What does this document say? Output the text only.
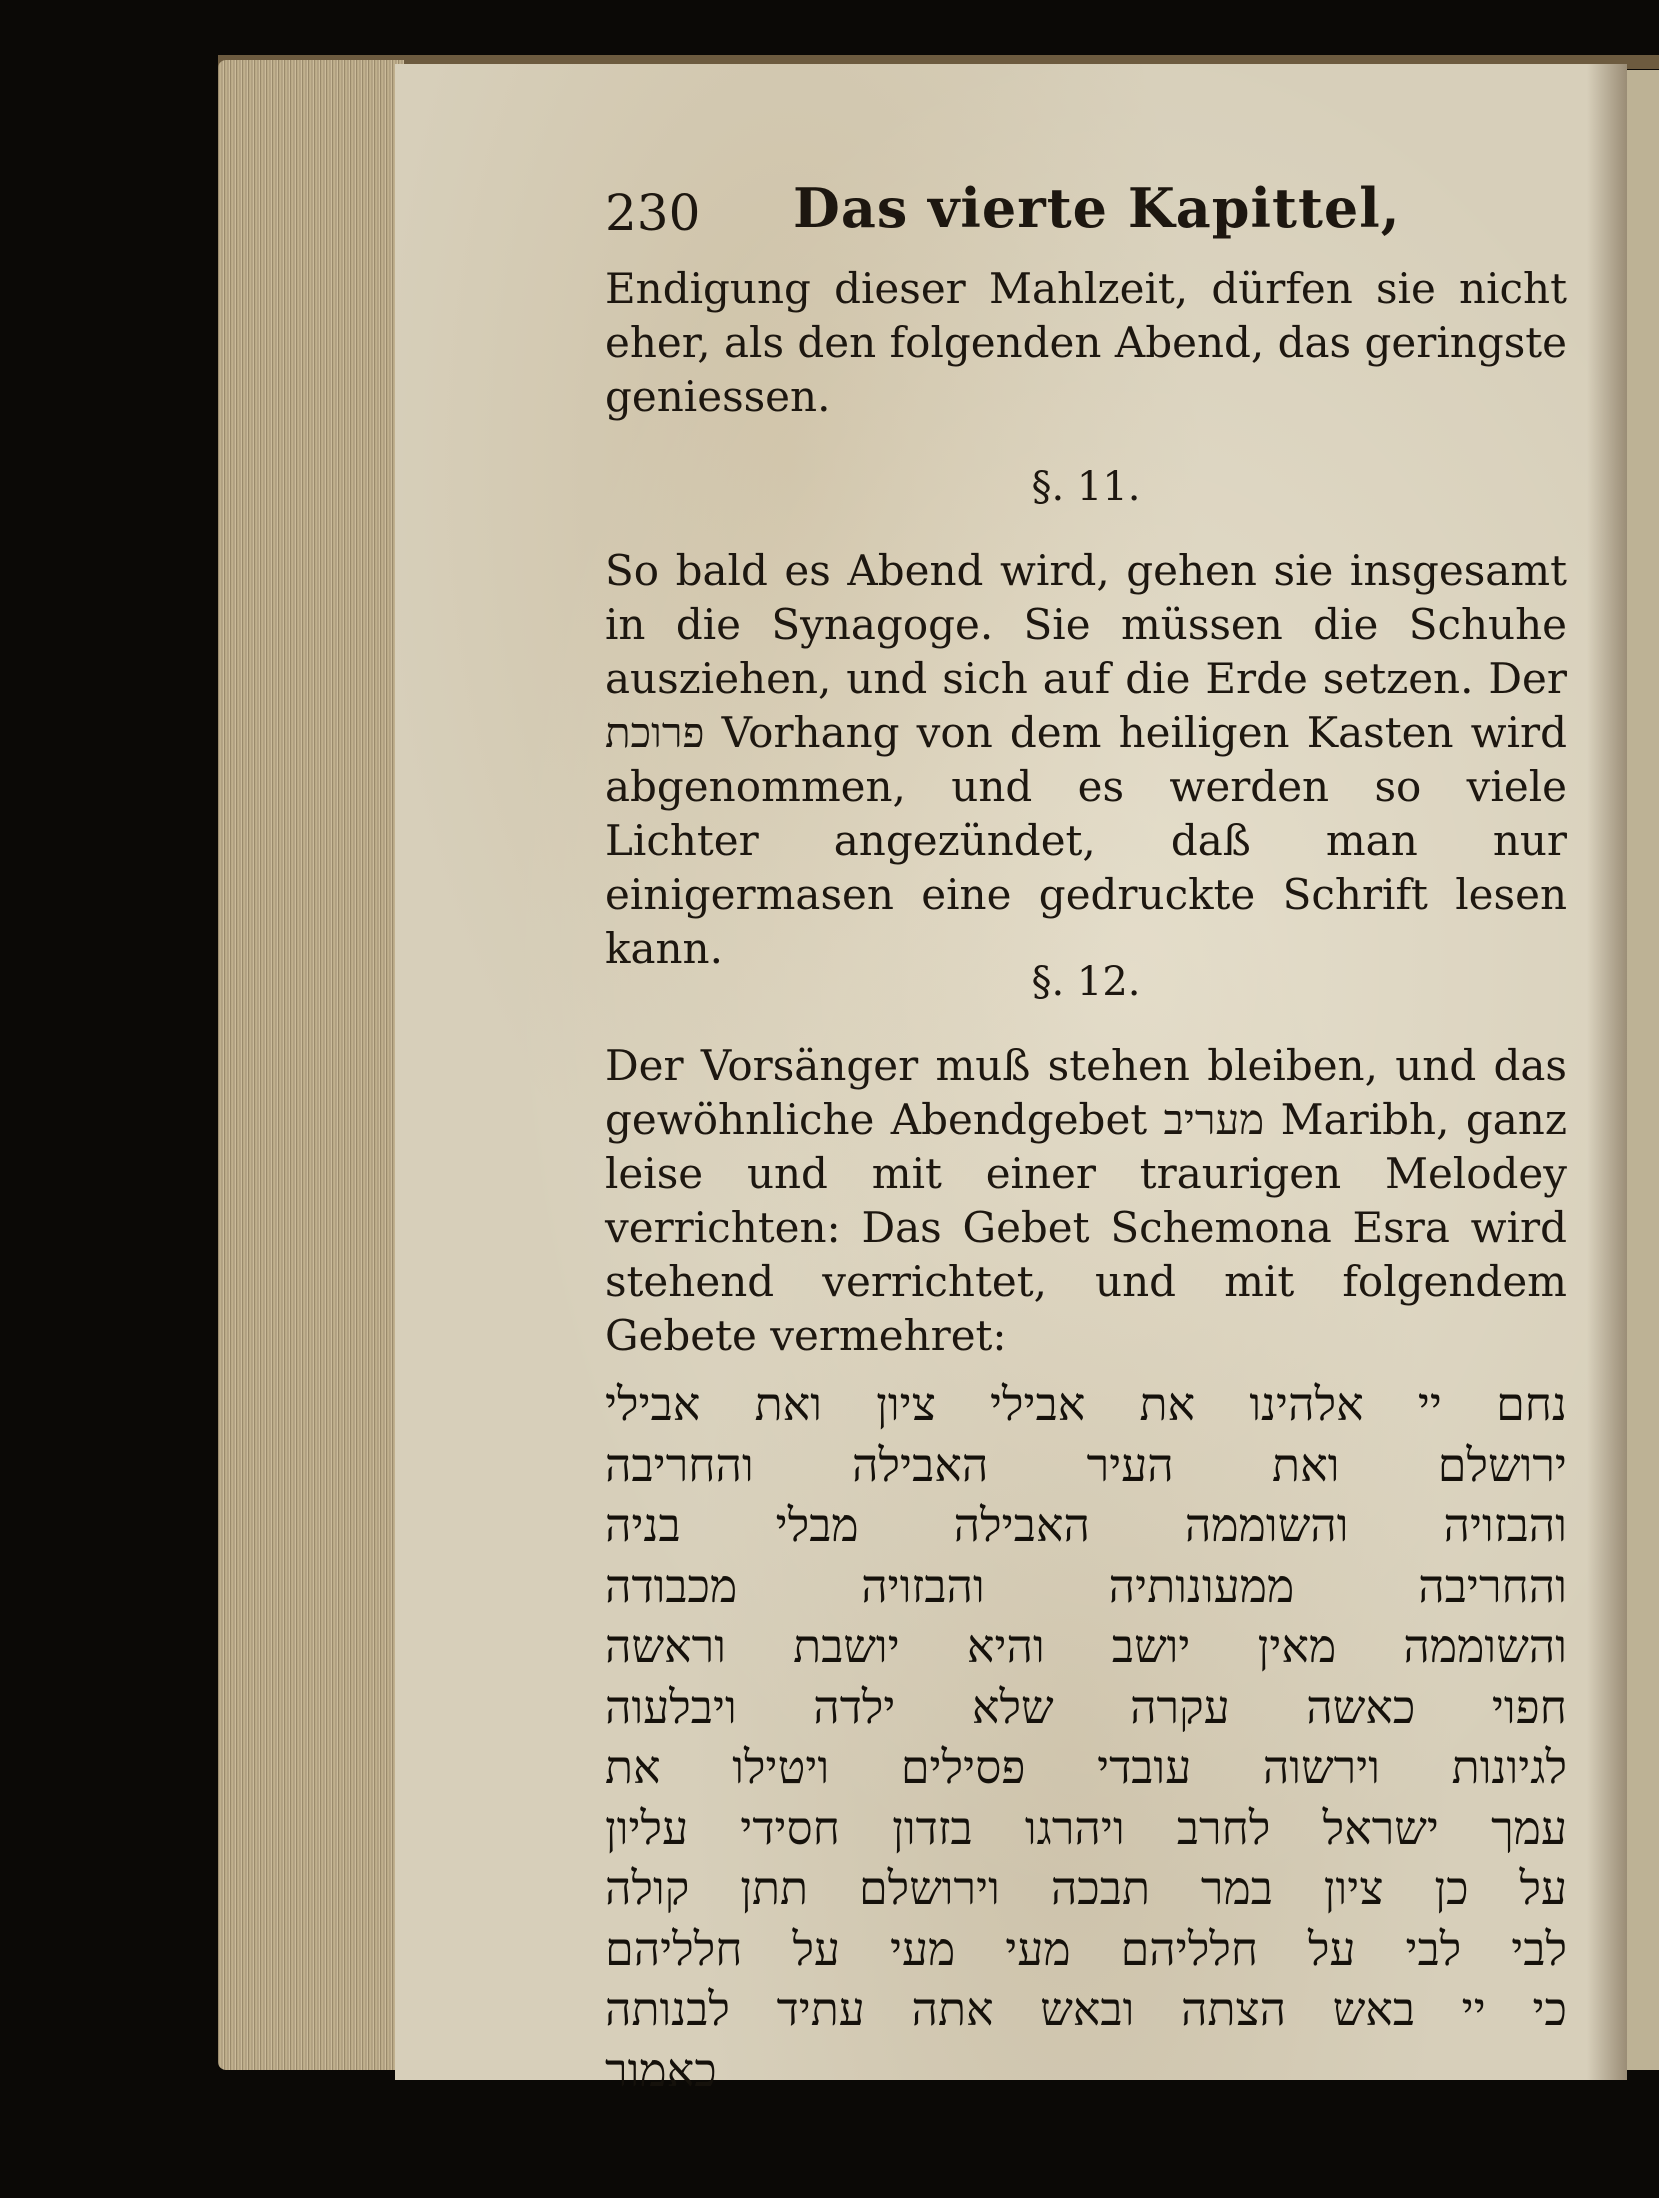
230 Das vierte Kapittel,
Endigung dieser Mahlzeit, dürfen sie nicht eher, als den folgenden Abend, das geringste geniessen.
§. 11.
So bald es Abend wird, gehen sie insgesamt in die Synagoge. Sie müssen die Schuhe ausziehen, und sich auf die Erde setzen. Der פרוכת Vorhang von dem heiligen Kasten wird abgenommen, und es werden so viele Lichter angezündet, daß man nur einigermasen eine gedruckte Schrift lesen kann.
§. 12.
Der Vorsänger muß stehen bleiben, und das gewöhnliche Abendgebet מעריב Maribh, ganz leise und mit einer traurigen Melodey verrichten: Das Gebet Schemona Esra wird stehend verrichtet, und mit folgendem Gebete vermehret:
נחם יי אלהינו את אבילי ציון ואת אבילי
ירושלם ואת העיר האבילה והחריבה
והבזויה והשוממה האבילה מבלי בניה
והחריבה ממעונותיה והבזויה מכבודה
והשוממה מאין יושב והיא יושבת וראשה
חפוי כאשה עקרה שלא ילדה ויבלעוה
לגיונות וירשוה עובדי פסילים ויטילו את
עמך ישראל לחרב ויהרגו בזדון חסידי עליון
על כן ציון במר תבכה וירושלם תתן קולה
לבי לבי על חלליהם מעי מעי על חלליהם
כי יי באש הצתה ובאש אתה עתיד לבנותה
כאמור
